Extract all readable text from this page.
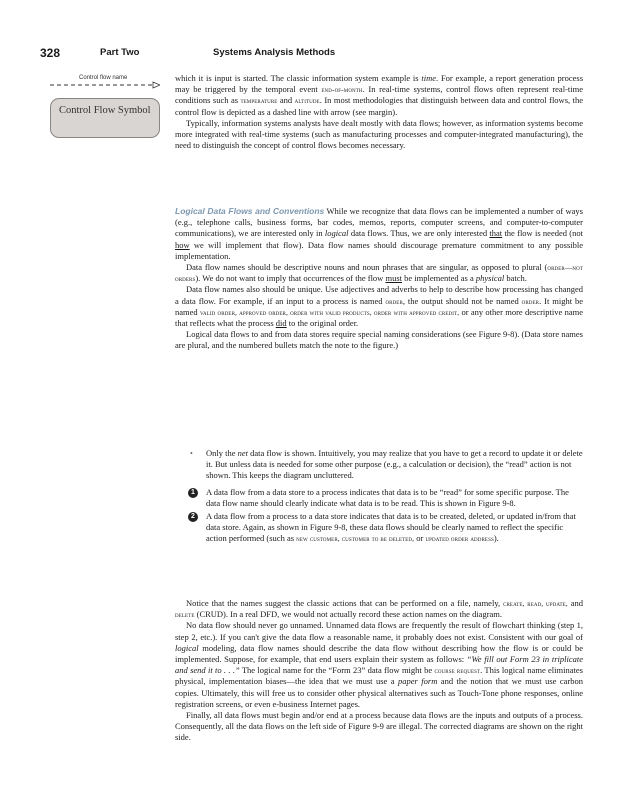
328	Part Two	Systems Analysis Methods
Control flow name
Control Flow Symbol

which it is input is started. The classic information system example is time. For example, a report generation process may be triggered by the temporal event end-of-month. In real-time systems, control flows often represent real-time conditions such as temperature and altitude. In most methodologies that distinguish between data and control flows, the control flow is depicted as a dashed line with arrow (see margin).

Typically, information systems analysts have dealt mostly with data flows; however, as information systems become more integrated with real-time systems (such as manufacturing processes and computer-integrated manufacturing), the need to distinguish the concept of control flows becomes necessary.

Logical Data Flows and Conventions While we recognize that data flows can be implemented a number of ways (e.g., telephone calls, business forms, bar codes, memos, reports, computer screens, and computer-to-computer communications), we are interested only in logical data flows. Thus, we are only interested that the flow is needed (not how we will implement that flow). Data flow names should discourage premature commitment to any possible implementation.

Data flow names should be descriptive nouns and noun phrases that are singular, as opposed to plural (order—not orders). We do not want to imply that occurrences of the flow must be implemented as a physical batch.

Data flow names also should be unique. Use adjectives and adverbs to help to describe how processing has changed a data flow. For example, if an input to a process is named order, the output should not be named order. It might be named valid order, approved order, order with valid products, order with approved credit, or any other more descriptive name that reflects what the process did to the original order.

Logical data flows to and from data stores require special naming considerations (see Figure 9-8). (Data store names are plural, and the numbered bullets match the note to the figure.)

• Only the net data flow is shown. Intuitively, you may realize that you have to get a record to update it or delete it. But unless data is needed for some other purpose (e.g., a calculation or decision), the “read” action is not shown. This keeps the diagram uncluttered.
1	A data flow from a data store to a process indicates that data is to be “read” for some specific purpose. The data flow name should clearly indicate what data is to be read. This is shown in Figure 9-8.
2	A data flow from a process to a data store indicates that data is to be created, deleted, or updated in/from that data store. Again, as shown in Figure 9-8, these data flows should be clearly named to reflect the specific action performed (such as new customer, customer to be deleted, or updated order address).

Notice that the names suggest the classic actions that can be performed on a file, namely, create, read, update, and delete (CRUD). In a real DFD, we would not actually record these action names on the diagram.

No data flow should never go unnamed. Unnamed data flows are frequently the result of flowchart thinking (step 1, step 2, etc.). If you can't give the data flow a reasonable name, it probably does not exist. Consistent with our goal of logical modeling, data flow names should describe the data flow without describing how the flow is or could be implemented. Suppose, for example, that end users explain their system as follows: “We fill out Form 23 in triplicate and send it to . . .” The logical name for the “Form 23” data flow might be course request. This logical name eliminates physical, implementation biases—the idea that we must use a paper form and the notion that we must use carbon copies. Ultimately, this will free us to consider other physical alternatives such as Touch-Tone phone responses, online registration screens, or even e-business Internet pages.

Finally, all data flows must begin and/or end at a process because data flows are the inputs and outputs of a process. Consequently, all the data flows on the left side of Figure 9-9 are illegal. The corrected diagrams are shown on the right side.
